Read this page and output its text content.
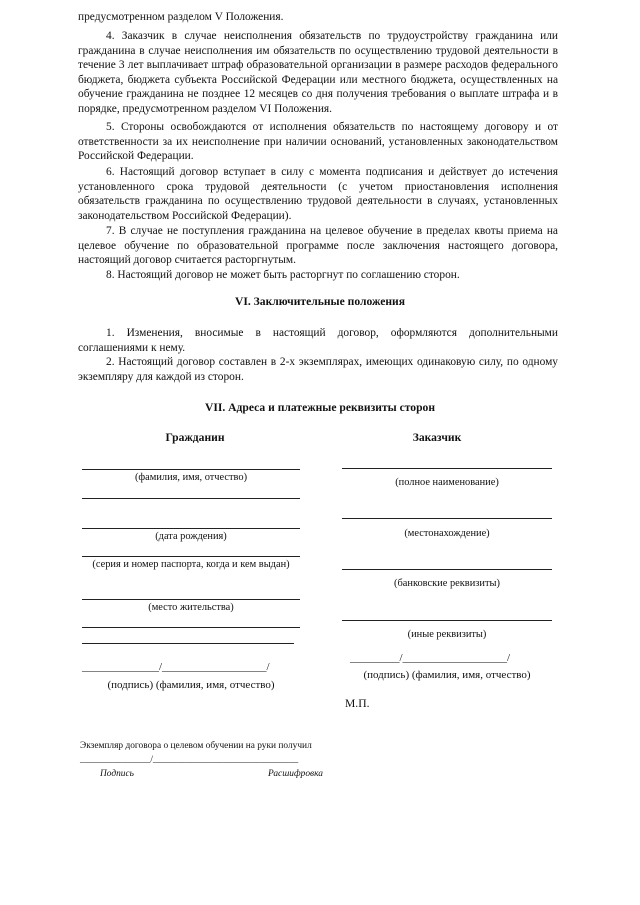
предусмотренном разделом V Положения.

4. Заказчик в случае неисполнения обязательств по трудоустройству гражданина или гражданина в случае неисполнения им обязательств по осуществлению трудовой деятельности в течение 3 лет выплачивает штраф образовательной организации в размере расходов федерального бюджета, бюджета субъекта Российской Федерации или местного бюджета, осуществленных на обучение гражданина не позднее 12 месяцев со дня получения требования о выплате штрафа и в порядке, предусмотренном разделом VI Положения.

5. Стороны освобождаются от исполнения обязательств по настоящему договору и от ответственности за их неисполнение при наличии оснований, установленных законодательством Российской Федерации.

6. Настоящий договор вступает в силу с момента подписания и действует до истечения установленного срока трудовой деятельности (с учетом приостановления исполнения обязательств гражданина по осуществлению трудовой деятельности в случаях, установленных законодательством Российской Федерации).

7. В случае не поступления гражданина на целевое обучение в пределах квоты приема на целевое обучение по образовательной программе после заключения настоящего договора, настоящий договор считается расторгнутым.

8. Настоящий договор не может быть расторгнут по соглашению сторон.

VI. Заключительные положения

1. Изменения, вносимые в настоящий договор, оформляются дополнительными соглашениями к нему.

2. Настоящий договор составлен в 2-х экземплярах, имеющих одинаковую силу, по одному экземпляру для каждой из сторон.

VII. Адреса и платежные реквизиты сторон
Гражданин
(фамилия, имя, отчество)
(дата рождения)
(серия и номер паспорта, когда и кем выдан)
(место жительства)
______________/___________________/
(подпись) (фамилия, имя, отчество)
Заказчик
(полное наименование)
(местонахождение)
(банковские реквизиты)
(иные реквизиты)
_________/___________________/
(подпись) (фамилия, имя, отчество)
М.П.
Экземпляр договора о целевом обучении на руки получил
_______________/_______________________________
Подпись	Расшифровка
